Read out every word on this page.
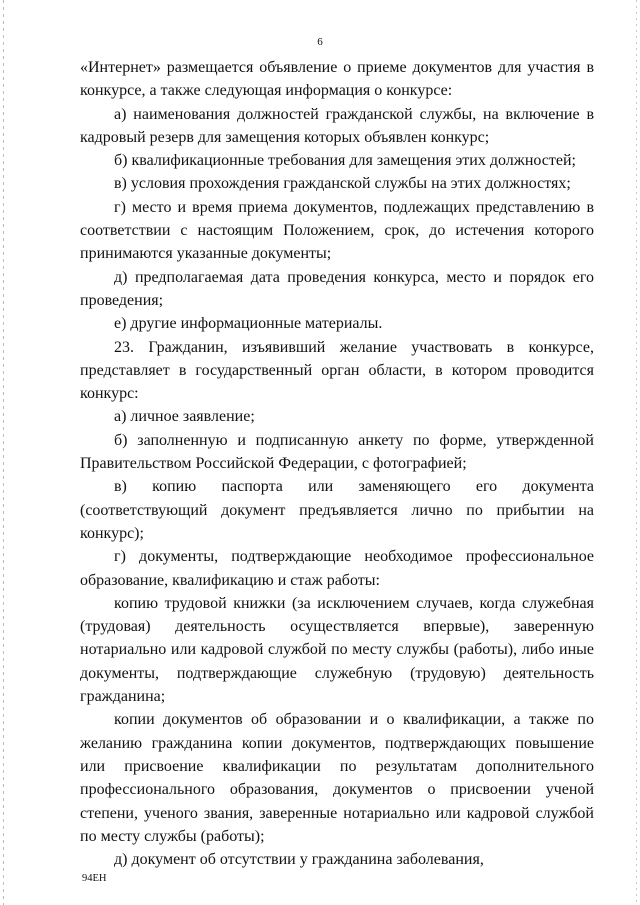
6

«Интернет» размещается объявление о приеме документов для участия в конкурсе, а также следующая информация о конкурсе:

а) наименования должностей гражданской службы, на включение в кадровый резерв для замещения которых объявлен конкурс;

б) квалификационные требования для замещения этих должностей;

в) условия прохождения гражданской службы на этих должностях;

г) место и время приема документов, подлежащих представлению в соответствии с настоящим Положением, срок, до истечения которого принимаются указанные документы;

д) предполагаемая дата проведения конкурса, место и порядок его проведения;

е) другие информационные материалы.

23. Гражданин, изъявивший желание участвовать в конкурсе, представляет в государственный орган области, в котором проводится конкурс:

а) личное заявление;

б) заполненную и подписанную анкету по форме, утвержденной Правительством Российской Федерации, с фотографией;

в) копию паспорта или заменяющего его документа (соответствующий документ предъявляется лично по прибытии на конкурс);

г) документы, подтверждающие необходимое профессиональное образование, квалификацию и стаж работы:

копию трудовой книжки (за исключением случаев, когда служебная (трудовая) деятельность осуществляется впервые), заверенную нотариально или кадровой службой по месту службы (работы), либо иные документы, подтверждающие служебную (трудовую) деятельность гражданина;

копии документов об образовании и о квалификации, а также по желанию гражданина копии документов, подтверждающих повышение или присвоение квалификации по результатам дополнительного профессионального образования, документов о присвоении ученой степени, ученого звания, заверенные нотариально или кадровой службой по месту службы (работы);

д) документ об отсутствии у гражданина заболевания,

94ЕН
